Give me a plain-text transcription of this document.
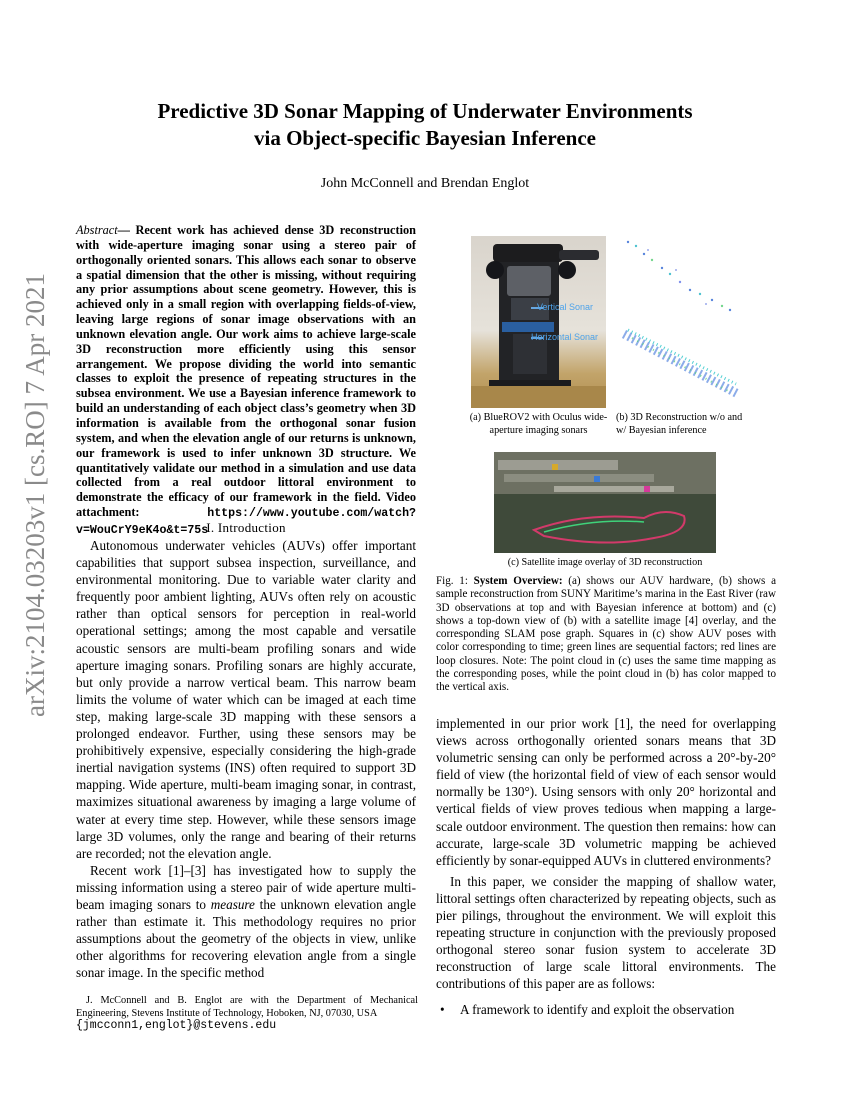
Predictive 3D Sonar Mapping of Underwater Environments
via Object-specific Bayesian Inference
John McConnell and Brendan Englot
arXiv:2104.03203v1 [cs.RO] 7 Apr 2021
Abstract— Recent work has achieved dense 3D reconstruction with wide-aperture imaging sonar using a stereo pair of orthogonally oriented sonars. This allows each sonar to observe a spatial dimension that the other is missing, without requiring any prior assumptions about scene geometry. However, this is achieved only in a small region with overlapping fields-of-view, leaving large regions of sonar image observations with an unknown elevation angle. Our work aims to achieve large-scale 3D reconstruction more efficiently using this sensor arrangement. We propose dividing the world into semantic classes to exploit the presence of repeating structures in the subsea environment. We use a Bayesian inference framework to build an understanding of each object class’s geometry when 3D information is available from the orthogonal sonar fusion system, and when the elevation angle of our returns is unknown, our framework is used to infer unknown 3D structure. We quantitatively validate our method in a simulation and use data collected from a real outdoor littoral environment to demonstrate the efficacy of our framework in the field. Video attachment: https://www.youtube.com/watch?v=WouCrY9eK4o&t=75s
I. Introduction

Autonomous underwater vehicles (AUVs) offer important capabilities that support subsea inspection, surveillance, and environmental monitoring. Due to variable water clarity and frequently poor ambient lighting, AUVs often rely on acoustic rather than optical sensors for perception in real-world operational settings; among the most capable and versatile acoustic sensors are multi-beam profiling sonars and wide aperture imaging sonars. Profiling sonars are highly accurate, but only provide a narrow vertical beam. This narrow beam limits the volume of water which can be imaged at each time step, making large-scale 3D mapping with these sensors a prolonged endeavor. Further, using these sensors may be prohibitively expensive, especially considering the high-grade inertial navigation systems (INS) often required to support 3D mapping. Wide aperture, multi-beam imaging sonar, in contrast, maximizes situational awareness by imaging a large volume of water at every time step. However, while these sensors image large 3D volumes, only the range and bearing of their returns are recorded; not the elevation angle.

Recent work [1]–[3] has investigated how to supply the missing information using a stereo pair of wide aperture multi-beam imaging sonars to measure the unknown elevation angle rather than estimate it. This methodology requires no prior assumptions about the geometry of the objects in view, unlike other algorithms for recovering elevation angle from a single sonar image. In the specific method

J. McConnell and B. Englot are with the Department of Mechanical Engineering, Stevens Institute of Technology, Hoboken, NJ, 07030, USA
{jmcconn1,englot}@stevens.edu
Vertical Sonar
Horizontal Sonar
(a) BlueROV2 with Oculus wide-aperture imaging sonars
(b) 3D Reconstruction w/o and w/ Bayesian inference
(c) Satellite image overlay of 3D reconstruction
Fig. 1: System Overview: (a) shows our AUV hardware, (b) shows a sample reconstruction from SUNY Maritime’s marina in the East River (raw 3D observations at top and with Bayesian inference at bottom) and (c) shows a top-down view of (b) with a satellite image [4] overlay, and the corresponding SLAM pose graph. Squares in (c) show AUV poses with color corresponding to time; green lines are sequential factors; red lines are loop closures. Note: The point cloud in (c) uses the same time mapping as the corresponding poses, while the point cloud in (b) has color mapped to the vertical axis.

implemented in our prior work [1], the need for overlapping views across orthogonally oriented sonars means that 3D volumetric sensing can only be performed across a 20°-by-20° field of view (the horizontal field of view of each sensor would normally be 130°). Using sensors with only 20° horizontal and vertical fields of view proves tedious when mapping a large-scale outdoor environment. The question then remains: how can accurate, large-scale 3D volumetric mapping be achieved efficiently by sonar-equipped AUVs in cluttered environments?

In this paper, we consider the mapping of shallow water, littoral settings often characterized by repeating objects, such as pier pilings, throughout the environment. We will exploit this repeating structure in conjunction with the previously proposed orthogonal stereo sonar fusion system to accelerate 3D reconstruction of large scale littoral environments. The contributions of this paper are as follows:

• A framework to identify and exploit the observation
